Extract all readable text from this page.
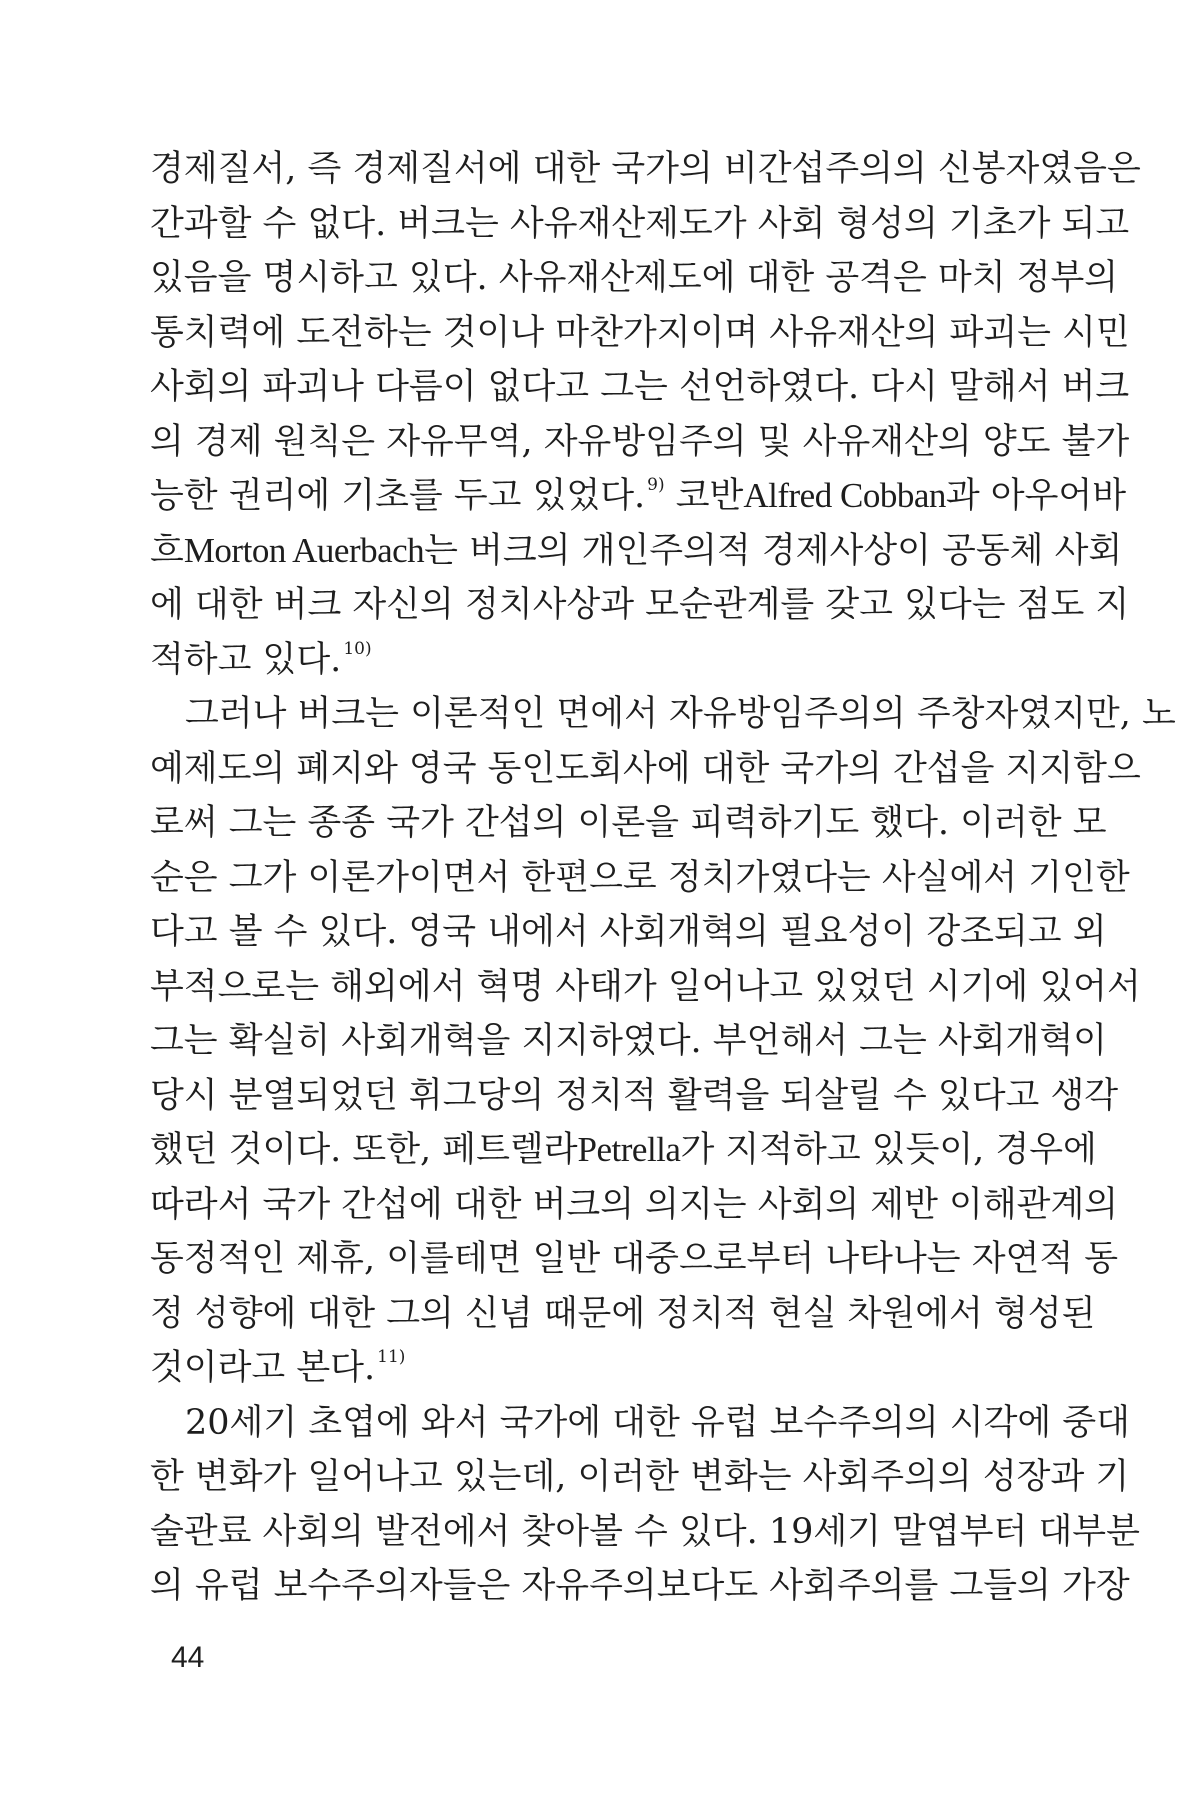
경제질서, 즉 경제질서에 대한 국가의 비간섭주의의 신봉자였음은
간과할 수 없다. 버크는 사유재산제도가 사회 형성의 기초가 되고
있음을 명시하고 있다. 사유재산제도에 대한 공격은 마치 정부의
통치력에 도전하는 것이나 마찬가지이며 사유재산의 파괴는 시민
사회의 파괴나 다름이 없다고 그는 선언하였다. 다시 말해서 버크
의 경제 원칙은 자유무역, 자유방임주의 및 사유재산의 양도 불가
능한 권리에 기초를 두고 있었다. $^{9)}$ 코반Alfred Cobban과 아우어바
흐Morton Auerbach는 버크의 개인주의적 경제사상이 공동체 사회
에 대한 버크 자신의 정치사상과 모순관계를 갖고 있다는 점도 지
적하고 있다. $^{10)}$
그러나 버크는 이론적인 면에서 자유방임주의의 주창자였지만, 노
예제도의 폐지와 영국 동인도회사에 대한 국가의 간섭을 지지함으
로써 그는 종종 국가 간섭의 이론을 피력하기도 했다. 이러한 모
순은 그가 이론가이면서 한편으로 정치가였다는 사실에서 기인한
다고 볼 수 있다. 영국 내에서 사회개혁의 필요성이 강조되고 외
부적으로는 해외에서 혁명 사태가 일어나고 있었던 시기에 있어서
그는 확실히 사회개혁을 지지하였다. 부언해서 그는 사회개혁이
당시 분열되었던 휘그당의 정치적 활력을 되살릴 수 있다고 생각
했던 것이다. 또한, 페트렐라Petrella가 지적하고 있듯이, 경우에
따라서 국가 간섭에 대한 버크의 의지는 사회의 제반 이해관계의
동정적인 제휴, 이를테면 일반 대중으로부터 나타나는 자연적 동
정 성향에 대한 그의 신념 때문에 정치적 현실 차원에서 형성된
것이라고 본다. $^{11)}$
20세기 초엽에 와서 국가에 대한 유럽 보수주의의 시각에 중대
한 변화가 일어나고 있는데, 이러한 변화는 사회주의의 성장과 기
술관료 사회의 발전에서 찾아볼 수 있다. 19세기 말엽부터 대부분
의 유럽 보수주의자들은 자유주의보다도 사회주의를 그들의 가장
44
